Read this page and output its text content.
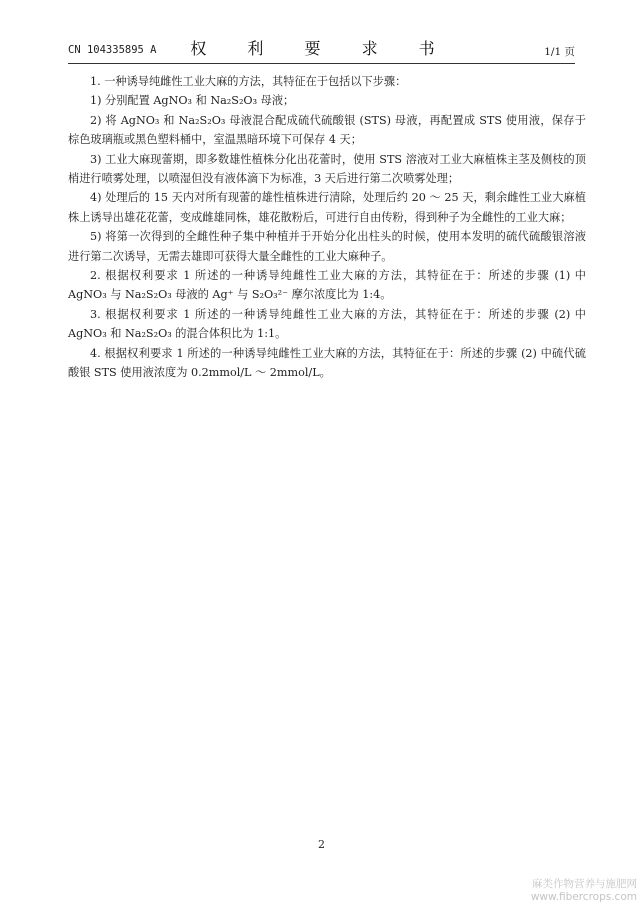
CN 104335895 A	权 利 要 求 书	1/1 页

1. 一种诱导纯雌性工业大麻的方法，其特征在于包括以下步骤：

1) 分别配置 AgNO₃ 和 Na₂S₂O₃ 母液；

2) 将 AgNO₃ 和 Na₂S₂O₃ 母液混合配成硫代硫酸银 (STS) 母液，再配置成 STS 使用液，保存于棕色玻璃瓶或黑色塑料桶中，室温黑暗环境下可保存 4 天；

3) 工业大麻现蕾期，即多数雄性植株分化出花蕾时，使用 STS 溶液对工业大麻植株主茎及侧枝的顶梢进行喷雾处理，以喷湿但没有液体滴下为标准，3 天后进行第二次喷雾处理；

4) 处理后的 15 天内对所有现蕾的雄性植株进行清除，处理后约 20 ～ 25 天，剩余雌性工业大麻植株上诱导出雄花花蕾，变成雌雄同株，雄花散粉后，可进行自由传粉，得到种子为全雌性的工业大麻；

5) 将第一次得到的全雌性种子集中种植并于开始分化出柱头的时候，使用本发明的硫代硫酸银溶液进行第二次诱导，无需去雄即可获得大量全雌性的工业大麻种子。

2. 根据权利要求 1 所述的一种诱导纯雌性工业大麻的方法，其特征在于：所述的步骤 (1) 中 AgNO₃ 与 Na₂S₂O₃ 母液的 Ag⁺ 与 S₂O₃²⁻ 摩尔浓度比为 1:4。

3. 根据权利要求 1 所述的一种诱导纯雌性工业大麻的方法，其特征在于：所述的步骤 (2) 中 AgNO₃ 和 Na₂S₂O₃ 的混合体积比为 1:1。

4. 根据权利要求 1 所述的一种诱导纯雌性工业大麻的方法，其特征在于：所述的步骤 (2) 中硫代硫酸银 STS 使用液浓度为 0.2mmol/L ～ 2mmol/L。

2
麻类作物营养与施肥网
www.fibercrops.com
